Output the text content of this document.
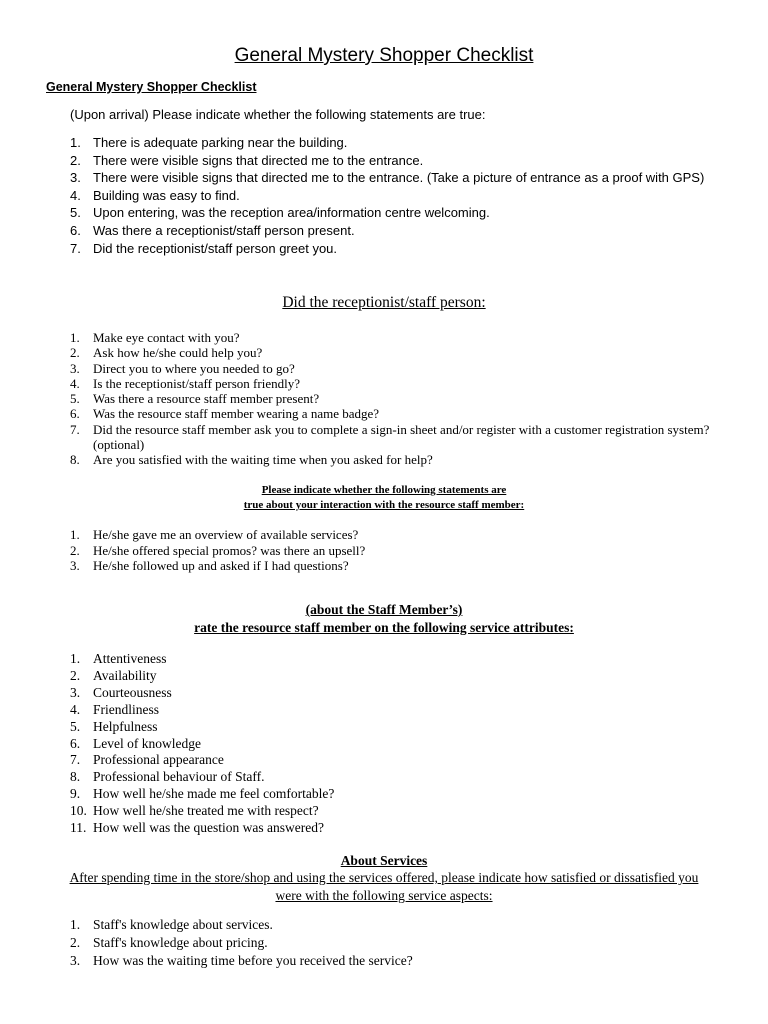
General Mystery Shopper Checklist
General Mystery Shopper Checklist
(Upon arrival) Please indicate whether the following statements are true:
1. There is adequate parking near the building.
2. There were visible signs that directed me to the entrance.
3. There were visible signs that directed me to the entrance. (Take a picture of entrance as a proof with GPS)
4. Building was easy to find.
5. Upon entering, was the reception area/information centre welcoming.
6. Was there a receptionist/staff person present.
7. Did the receptionist/staff person greet you.
Did the receptionist/staff person:
1. Make eye contact with you?
2. Ask how he/she could help you?
3. Direct you to where you needed to go?
4. Is the receptionist/staff person friendly?
5. Was there a resource staff member present?
6. Was the resource staff member wearing a name badge?
7. Did the resource staff member ask you to complete a sign-in sheet and/or register with a customer registration system? (optional)
8. Are you satisfied with the waiting time when you asked for help?
Please indicate whether the following statements are
true about your interaction with the resource staff member:
1. He/she gave me an overview of available services?
2. He/she offered special promos? was there an upsell?
3. He/she followed up and asked if I had questions?
(about the Staff Member’s)
rate the resource staff member on the following service attributes:
1. Attentiveness
2. Availability
3. Courteousness
4. Friendliness
5. Helpfulness
6. Level of knowledge
7. Professional appearance
8. Professional behaviour of Staff.
9. How well he/she made me feel comfortable?
10. How well he/she treated me with respect?
11. How well was the question was answered?
About Services
After spending time in the store/shop and using the services offered, please indicate how satisfied or dissatisfied you were with the following service aspects:
1. Staff's knowledge about services.
2. Staff's knowledge about pricing.
3. How was the waiting time before you received the service?
